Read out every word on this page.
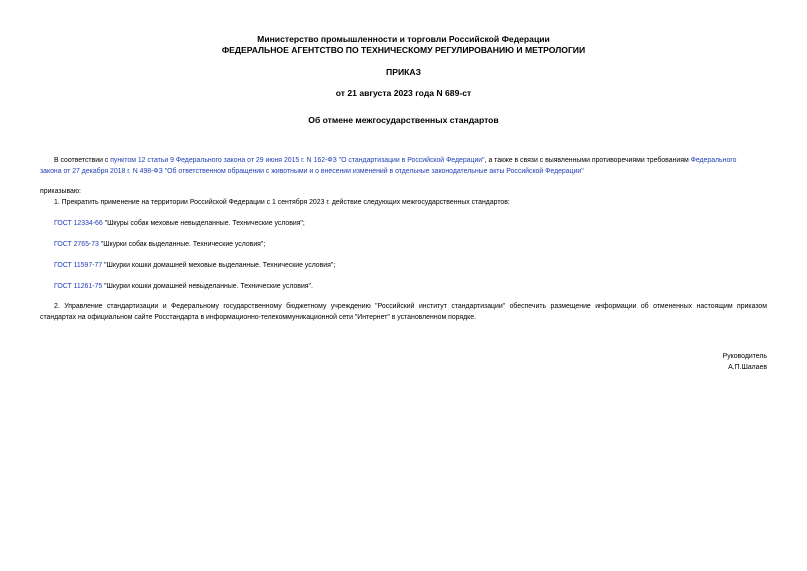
Министерство промышленности и торговли Российской Федерации
ФЕДЕРАЛЬНОЕ АГЕНТСТВО ПО ТЕХНИЧЕСКОМУ РЕГУЛИРОВАНИЮ И МЕТРОЛОГИИ
ПРИКАЗ
от 21 августа 2023 года N 689-ст
Об отмене межгосударственных стандартов
В соответствии с пунктом 12 статьи 9 Федерального закона от 29 июня 2015 г. N 162-ФЗ "О стандартизации в Российской Федерации", а также в связи с выявленными противоречиями требованиям Федерального
закона от 27 декабря 2018 г. N 498-ФЗ "Об ответственном обращении с животными и о внесении изменений в отдельные законодательные акты Российской Федерации"
приказываю:
1. Прекратить применение на территории Российской Федерации с 1 сентября 2023 г. действие следующих межгосударственных стандартов:
ГОСТ 12334-66 "Шкуры собак меховые невыделанные. Технические условия";
ГОСТ 2765-73 "Шкурки собак выделанные. Технические условия";
ГОСТ 11597-77 "Шкурки кошки домашней меховые выделанные. Технические условия";
ГОСТ 11261-75 "Шкурки кошки домашней невыделанные. Технические условия".
2. Управление стандартизации и Федеральному государственному бюджетному учреждению "Российский институт стандартизации" обеспечить размещение информации об отмененных настоящим приказом
стандартах на официальном сайте Росстандарта в информационно-телекоммуникационной сети "Интернет" в установленном порядке.
Руководитель
А.П.Шалаев
